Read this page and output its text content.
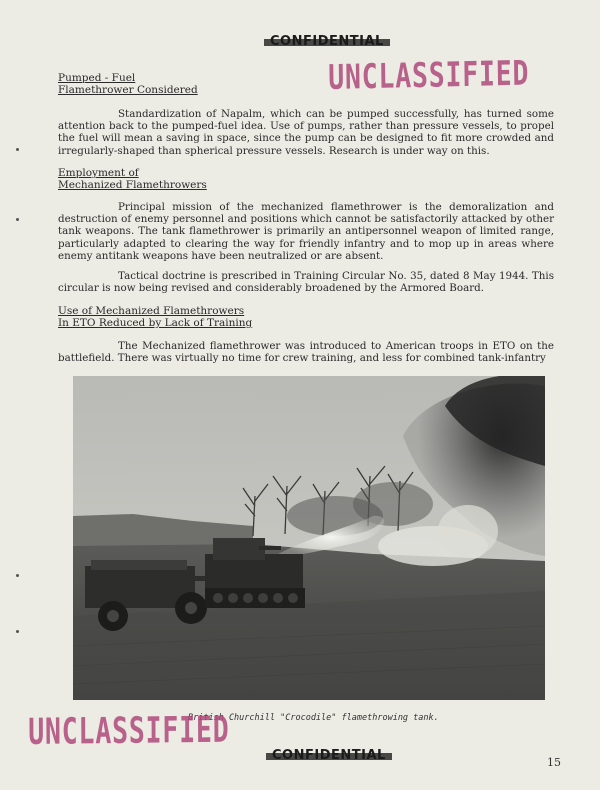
UNCLASSIFIED
Pumped - Fuel
Flamethrower Considered

Standardization of Napalm, which can be pumped successfully, has turned some attention back to the pumped-fuel idea. Use of pumps, rather than pressure vessels, to propel the fuel will mean a saving in space, since the pump can be designed to fit more crowded and irregularly-shaped than spherical pressure vessels. Research is under way on this.

Employment of
Mechanized Flamethrowers

Principal mission of the mechanized flamethrower is the demoralization and destruction of enemy personnel and positions which cannot be satisfactorily attacked by other tank weapons. The tank flamethrower is primarily an antipersonnel weapon of limited range, particularly adapted to clearing the way for friendly infantry and to mop up in areas where enemy antitank weapons have been neutralized or are absent.

Tactical doctrine is prescribed in Training Circular No. 35, dated 8 May 1944. This circular is now being revised and considerably broadened by the Armored Board.

Use of Mechanized Flamethrowers
In ETO Reduced by Lack of Training

The Mechanized flamethrower was introduced to American troops in ETO on the battlefield. There was virtually no time for crew training, and less for combined tank-infantry

British Churchill "Crocodile" flamethrowing tank.
UNCLASSIFIED
15
